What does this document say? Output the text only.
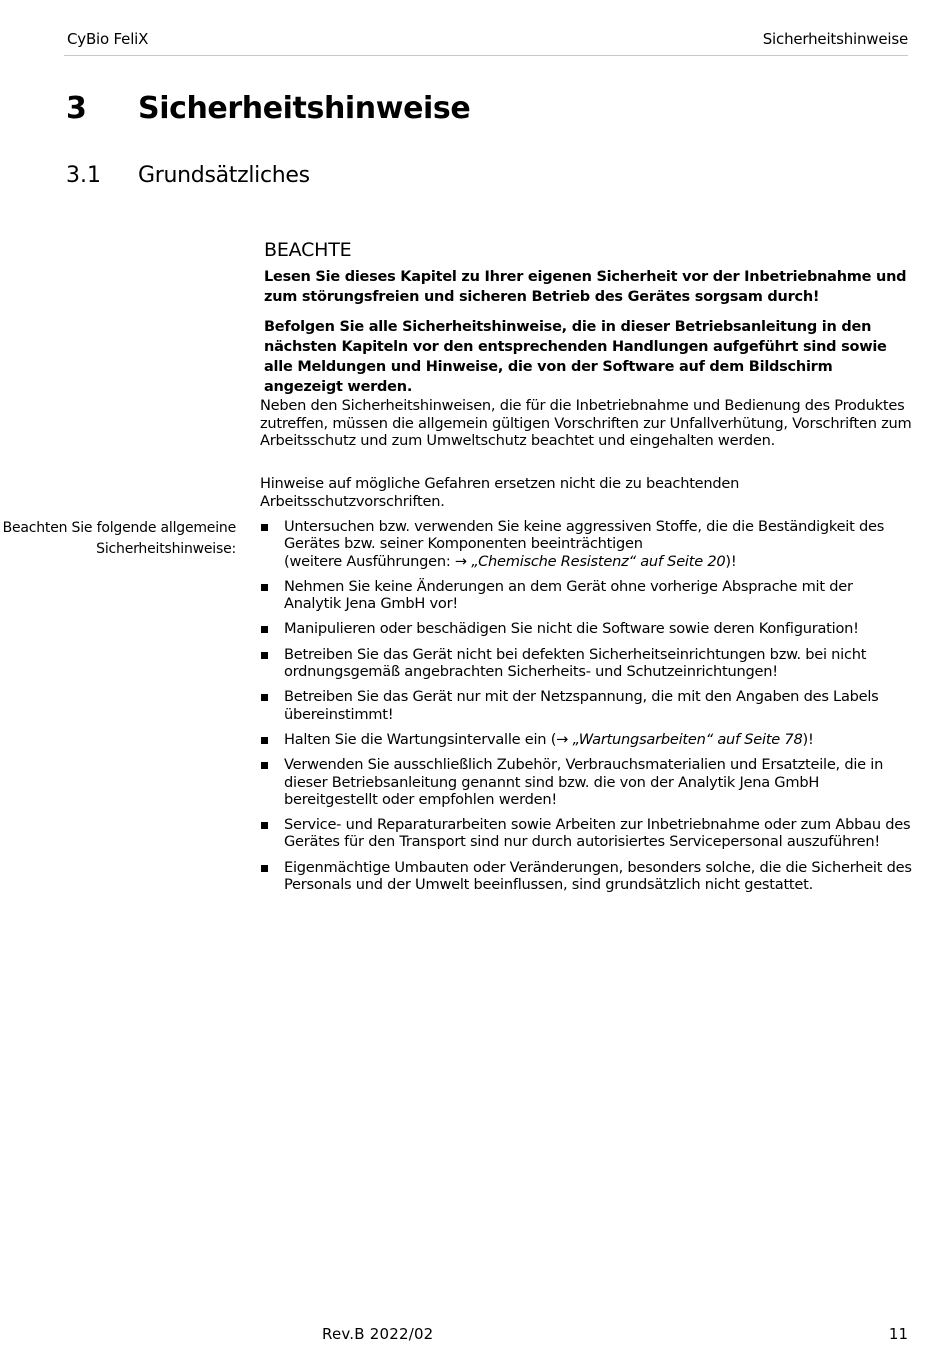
CyBio FeliX	Sicherheitshinweise
3 Sicherheitshinweise
3.1 Grundsätzliches
BEACHTE

Lesen Sie dieses Kapitel zu Ihrer eigenen Sicherheit vor der Inbetriebnahme und zum störungsfreien und sicheren Betrieb des Gerätes sorgsam durch!

Befolgen Sie alle Sicherheitshinweise, die in dieser Betriebsanleitung in den nächsten Kapiteln vor den entsprechenden Handlungen aufgeführt sind sowie alle Meldungen und Hinweise, die von der Software auf dem Bildschirm angezeigt werden.

Neben den Sicherheitshinweisen, die für die Inbetriebnahme und Bedienung des Produktes zutreffen, müssen die allgemein gültigen Vorschriften zur Unfallverhütung, Vorschriften zum Arbeitsschutz und zum Umweltschutz beachtet und eingehalten werden.
Hinweise auf mögliche Gefahren ersetzen nicht die zu beachtenden Arbeitsschutzvorschriften.
Beachten Sie folgende allgemeine Sicherheitshinweise:
Untersuchen bzw. verwenden Sie keine aggressiven Stoffe, die die Beständigkeit des Gerätes bzw. seiner Komponenten beeinträchtigen
(weitere Ausführungen: → „Chemische Resistenz“ auf Seite 20)!
Nehmen Sie keine Änderungen an dem Gerät ohne vorherige Absprache mit der Analytik Jena GmbH vor!
Manipulieren oder beschädigen Sie nicht die Software sowie deren Konfiguration!
Betreiben Sie das Gerät nicht bei defekten Sicherheitseinrichtungen bzw. bei nicht ordnungsgemäß angebrachten Sicherheits- und Schutzeinrichtungen!
Betreiben Sie das Gerät nur mit der Netzspannung, die mit den Angaben des Labels übereinstimmt!
Halten Sie die Wartungsintervalle ein (→ „Wartungsarbeiten“ auf Seite 78)!
Verwenden Sie ausschließlich Zubehör, Verbrauchsmaterialien und Ersatzteile, die in dieser Betriebsanleitung genannt sind bzw. die von der Analytik Jena GmbH bereitgestellt oder empfohlen werden!
Service- und Reparaturarbeiten sowie Arbeiten zur Inbetriebnahme oder zum Abbau des Gerätes für den Transport sind nur durch autorisiertes Servicepersonal auszuführen!
Eigenmächtige Umbauten oder Veränderungen, besonders solche, die die Sicherheit des Personals und der Umwelt beeinflussen, sind grundsätzlich nicht gestattet.
Rev.B 2022/02	11
